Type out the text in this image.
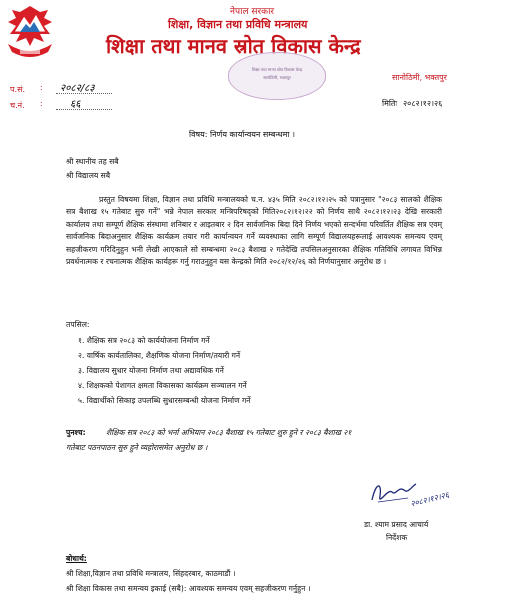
नेपाल सरकार
शिक्षा, विज्ञान तथा प्रविधि मन्त्रालय
शिक्षा तथा मानव स्रोत विकास केन्द्र
शिक्षा तथा मानव स्रोत विकास केन्द्र
सानोठिमी, भक्तपुर	सानोठिमी, भक्तपुर
प.सं. : २०८२/८३
च.नं. :	६६	मितिः २०८२।१२।२६
विषय: निर्णय कार्यान्वयन सम्बन्धमा ।
श्री स्थानीय तह सबै
श्री विद्यालय सबै
प्रस्तुत विषयमा शिक्षा, विज्ञान तथा प्रविधि मन्त्रालयको च.न. ४३५ मिति २०८२।१२।२५ को पत्रानुसार "२०८३ सालको शैक्षिक सत्र बैशाख १५ गतेबाट सुरु गर्ने" भन्ने नेपाल सरकार मन्त्रिपरिषद्को मिति२०८२।१२।२२ को निर्णय साथै २०८२।१२।२३ देखि सरकारी कार्यालय तथा सम्पूर्ण शैक्षिक संस्थामा शनिबार र आइतबार २ दिन सार्वजनिक बिदा दिने निर्णय भएको सन्दर्भमा परिवर्तित शैक्षिक सत्र एवम् सार्वजनिक बिदाअनुसार शैक्षिक कार्यक्रम तयार गरी कार्यान्वयन गर्ने व्यवस्थाका लागि सम्पूर्ण विद्यालयहरूलाई आवश्यक समन्वय एवम् सहजीकरण गरिदिनुहुन भनी लेखी आएकाले सो सम्बन्धमा २०८३ बैशाख २ गतेदेखि तपसिलअनुसारका शैक्षिक गतिविधि लगायत विभिन्न प्रवर्धनात्मक र रचनात्मक शैक्षिक कार्यहरू गर्नु गराउनुहुन यस केन्द्रको मिति २०८२/१२/२६ को निर्णयानुसार अनुरोध छ ।
तपसिल:
१. शैक्षिक सत्र २०८३ को कार्ययोजना निर्माण गर्ने
२. वार्षिक कार्यतालिका, शैक्षणिक योजना निर्माण/तयारी गर्ने
३. विद्यालय सुधार योजना निर्माण तथा अद्यावधिक गर्ने
४. शिक्षकको पेशागत क्षमता विकासका कार्यक्रम सञ्चालन गर्ने
५. विद्यार्थीको सिकाइ उपलब्धि सुधारसम्बन्धी योजना निर्माण गर्ने
पुनश्च:	शैक्षिक सत्र २०८३ को भर्ना अभियान २०८३ बैशाख १५ गतेबाट शुरु हुने र २०८३ बैशाख २१
गतेबाट पठनपाठन सुरु हुने व्यहोरासमेत अनुरोध छ ।
२०८२।१२।२६
डा. श्याम प्रसाद आचार्य
निर्देशक
बोधार्थ:
श्री शिक्षा,विज्ञान तथा प्रविधि मन्त्रालय, सिंहदरबार, काठमाडौं ।
श्री शिक्षा विकास तथा समन्वय इकाई (सबै): आवश्यक समन्वय एवम् सहजीकरण गर्नुहुन ।
